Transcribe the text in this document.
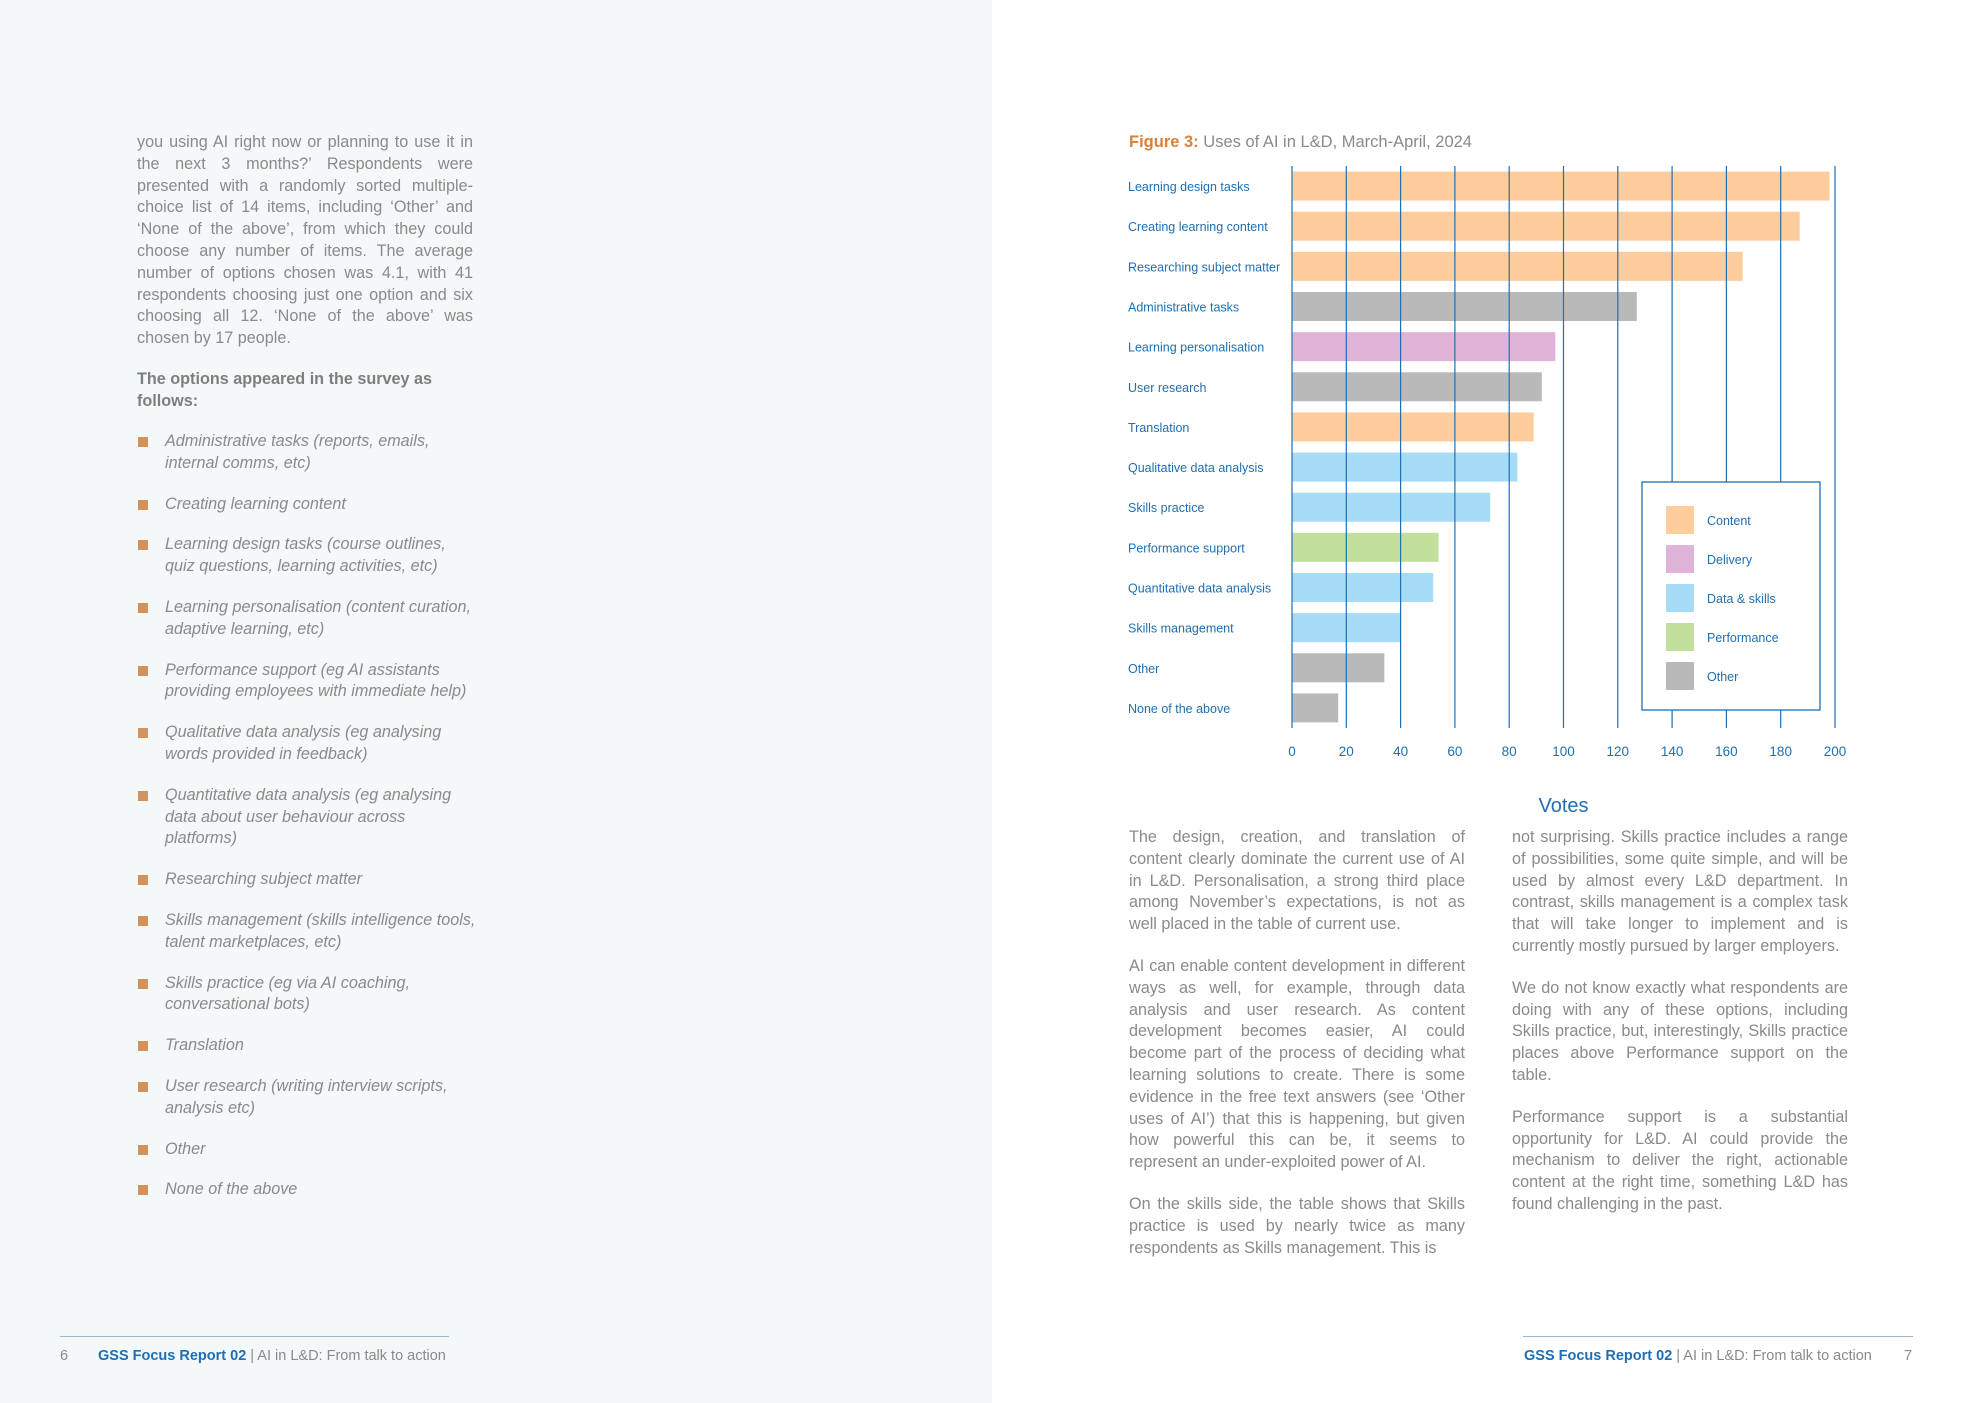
you using AI right now or planning to use it in the next 3 months?’ Respondents were presented with a randomly sorted multiple-choice list of 14 items, including ‘Other’ and ‘None of the above’, from which they could choose any number of items. The average number of options chosen was 4.1, with 41 respondents choosing just one option and six choosing all 12. ‘None of the above’ was chosen by 17 people.

The options appeared in the survey as follows:
Administrative tasks (reports, emails, internal comms, etc)
Creating learning content
Learning design tasks (course outlines, quiz questions, learning activities, etc)
Learning personalisation (content curation, adaptive learning, etc)
Performance support (eg AI assistants providing employees with immediate help)
Qualitative data analysis (eg analysing words provided in feedback)
Quantitative data analysis (eg analysing data about user behaviour across platforms)
Researching subject matter
Skills management (skills intelligence tools, talent marketplaces, etc)
Skills practice (eg via AI coaching, conversational bots)
Translation
User research (writing interview scripts, analysis etc)
Other
None of the above
6 GSS Focus Report 02 | AI in L&D: From talk to action
Figure 3: Uses of AI in L&D, March-April, 2024
Learning design tasks
Creating learning content
Researching subject matter
Administrative tasks
Learning personalisation
User research
Translation
Qualitative data analysis
Skills practice
Performance support
Quantitative data analysis
Skills management
Other
None of the above
0	20	40	60	80	100 120 140 160 180 200
Votes
Content
Delivery
Data & skills
Performance
Other

The design, creation, and translation of content clearly dominate the current use of AI in L&D. Personalisation, a strong third place among November’s expectations, is not as well placed in the table of current use.

AI can enable content development in different ways as well, for example, through data analysis and user research. As content development becomes easier, AI could become part of the process of deciding what learning solutions to create. There is some evidence in the free text answers (see ‘Other uses of AI’) that this is happening, but given how powerful this can be, it seems to represent an under-exploited power of AI.

On the skills side, the table shows that Skills practice is used by nearly twice as many respondents as Skills management. This is

not surprising. Skills practice includes a range of possibilities, some quite simple, and will be used by almost every L&D department. In contrast, skills management is a complex task that will take longer to implement and is currently mostly pursued by larger employers.

We do not know exactly what respondents are doing with any of these options, including Skills practice, but, interestingly, Skills practice places above Performance support on the table.

Performance support is a substantial opportunity for L&D. AI could provide the mechanism to deliver the right, actionable content at the right time, something L&D has found challenging in the past.

GSS Focus Report 02 | AI in L&D: From talk to action 7
